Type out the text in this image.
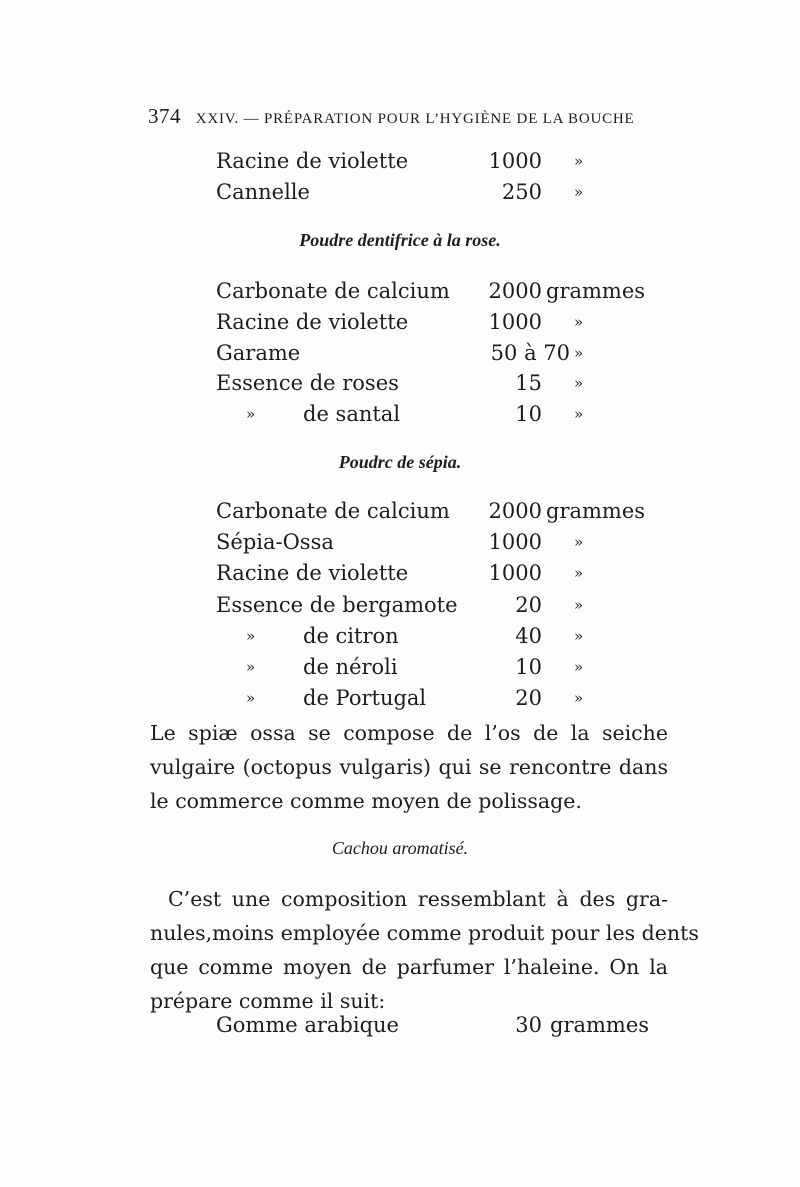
374 XXIV. — PRÉPARATION POUR L’HYGIÈNE DE LA BOUCHE
Racine de violette	1000 »
Cannelle	250 »
Poudre dentifrice à la rose.
Carbonate de calcium	2000 grammes
Racine de violette	1000 »
Garame	50 à 70 »
Essence de roses	15 »
» de santal	10 »
Poudrc de sépia.
Carbonate de calcium	2000 grammes
Sépia-Ossa	1000 »
Racine de violette	1000 »
Essence de bergamote	20 »
» de citron	40 »
» de néroli	10 »
» de Portugal	20 »
Le spiæ ossa se compose de l’os de la seiche
vulgaire (octopus vulgaris) qui se rencontre dans
le commerce comme moyen de polissage.
Cachou aromatisé.
C’est une composition ressemblant à des gra-
nules,moins employée comme produit pour les dents
que comme moyen de parfumer l’haleine. On la
prépare comme il suit:
Gomme arabique	30 grammes
